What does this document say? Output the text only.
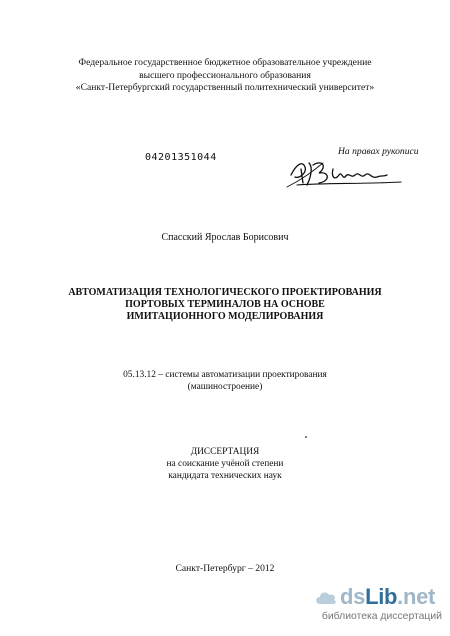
Федеральное государственное бюджетное образовательное учреждение
высшего профессионального образования
«Санкт-Петербургский государственный политехнический университет»
04201351044
На правах рукописи
Спасский Ярослав Борисович
АВТОМАТИЗАЦИЯ ТЕХНОЛОГИЧЕСКОГО ПРОЕКТИРОВАНИЯ
ПОРТОВЫХ ТЕРМИНАЛОВ НА ОСНОВЕ
ИМИТАЦИОННОГО МОДЕЛИРОВАНИЯ
05.13.12 – системы автоматизации проектирования
(машиностроение)
ДИССЕРТАЦИЯ
на соискание учёной степени
кандидата технических наук
Санкт-Петербург – 2012
dsLib.net
библиотека диссертаций
